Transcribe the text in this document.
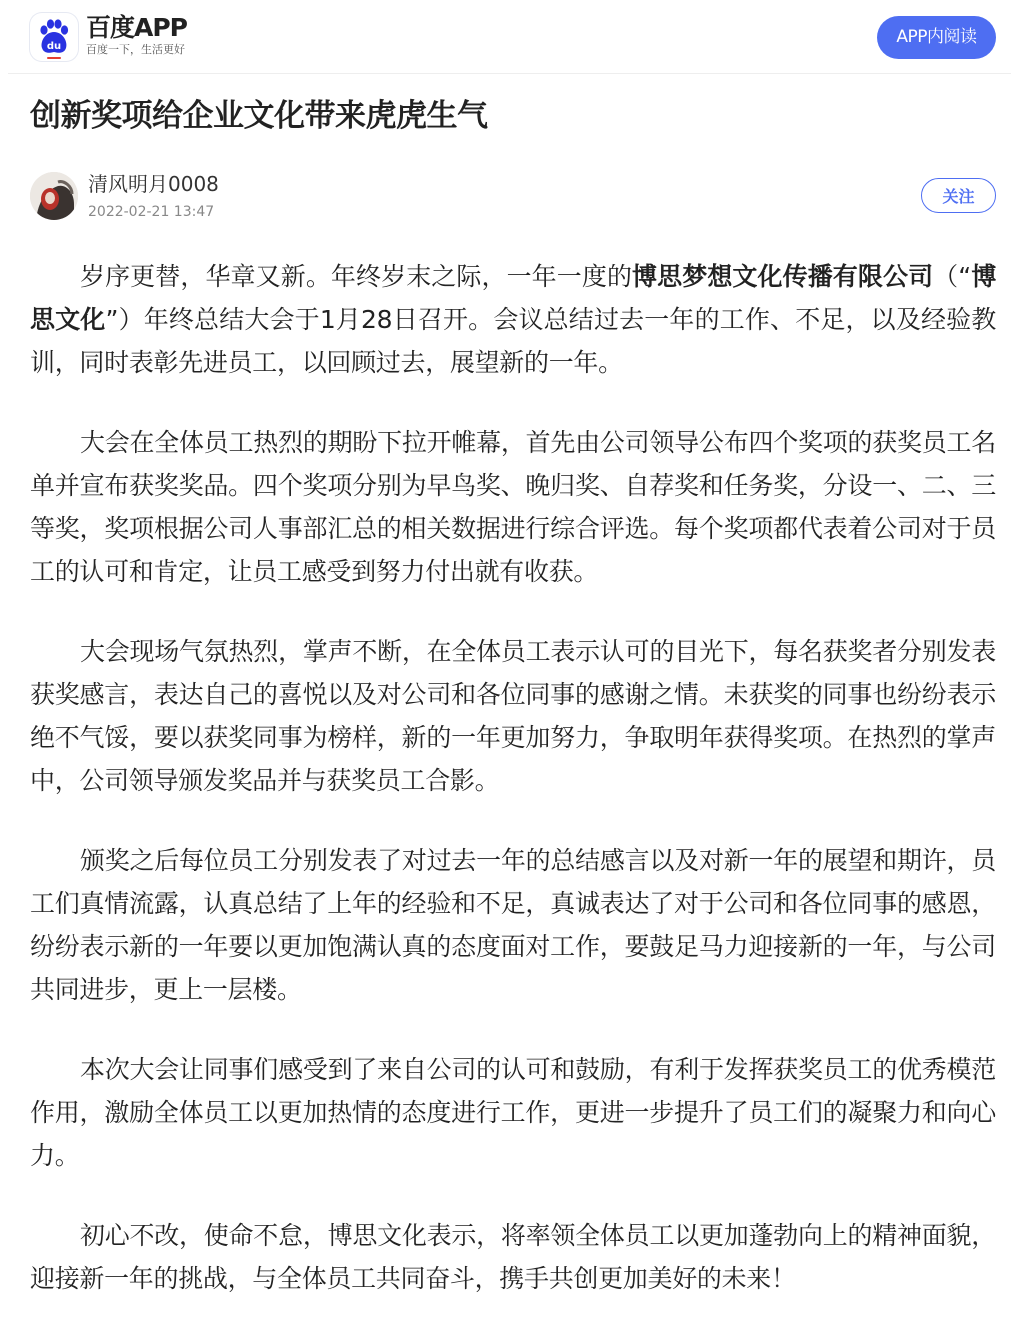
du
百度APP
百度一下，生活更好
APP内阅读
创新奖项给企业文化带来虎虎生气
清风明月0008
2022-02-21 13:47
关注

岁序更替，华章又新。年终岁末之际，一年一度的博思梦想文化传播有限公司（“博思文化”）年终总结大会于1月28日召开。会议总结过去一年的工作、不足，以及经验教训，同时表彰先进员工，以回顾过去，展望新的一年。

大会在全体员工热烈的期盼下拉开帷幕，首先由公司领导公布四个奖项的获奖员工名单并宣布获奖奖品。四个奖项分别为早鸟奖、晚归奖、自荐奖和任务奖，分设一、二、三等奖，奖项根据公司人事部汇总的相关数据进行综合评选。每个奖项都代表着公司对于员工的认可和肯定，让员工感受到努力付出就有收获。

大会现场气氛热烈，掌声不断，在全体员工表示认可的目光下，每名获奖者分别发表获奖感言，表达自己的喜悦以及对公司和各位同事的感谢之情。未获奖的同事也纷纷表示绝不气馁，要以获奖同事为榜样，新的一年更加努力，争取明年获得奖项。在热烈的掌声中，公司领导颁发奖品并与获奖员工合影。

颁奖之后每位员工分别发表了对过去一年的总结感言以及对新一年的展望和期许，员工们真情流露，认真总结了上年的经验和不足，真诚表达了对于公司和各位同事的感恩，纷纷表示新的一年要以更加饱满认真的态度面对工作，要鼓足马力迎接新的一年，与公司共同进步，更上一层楼。

本次大会让同事们感受到了来自公司的认可和鼓励，有利于发挥获奖员工的优秀模范作用，激励全体员工以更加热情的态度进行工作，更进一步提升了员工们的凝聚力和向心力。

初心不改，使命不怠，博思文化表示，将率领全体员工以更加蓬勃向上的精神面貌，迎接新一年的挑战，与全体员工共同奋斗，携手共创更加美好的未来！
